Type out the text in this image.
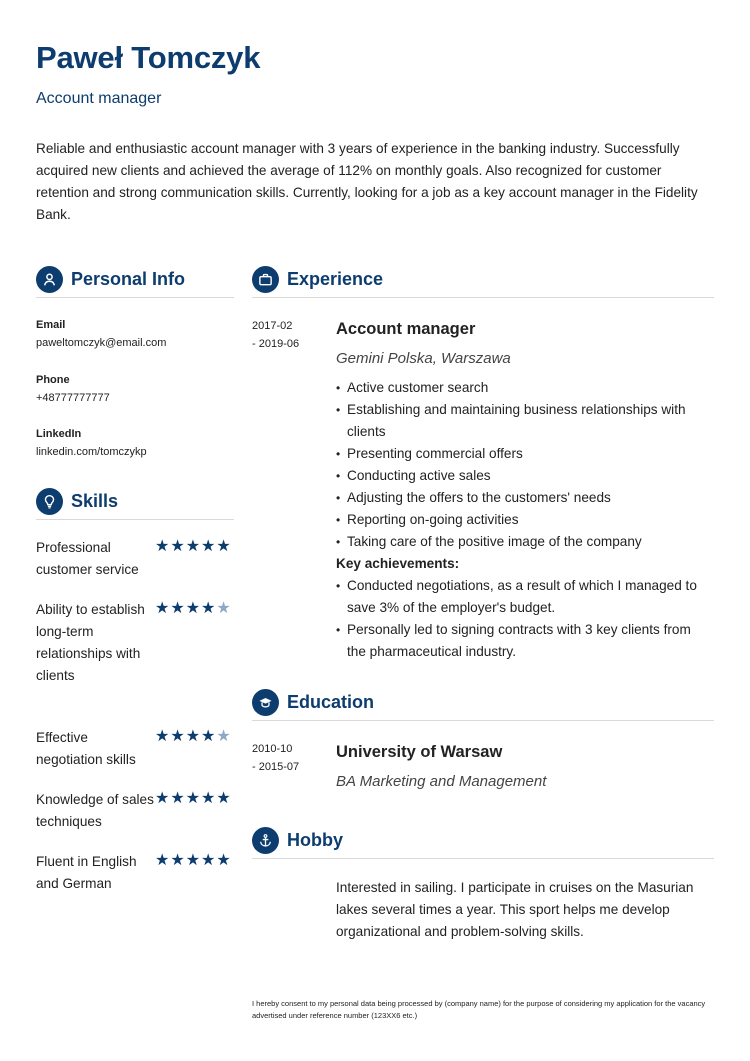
Paweł Tomczyk
Account manager
Reliable and enthusiastic account manager with 3 years of experience in the banking industry. Successfully acquired new clients and achieved the average of 112% on monthly goals. Also recognized for customer retention and strong communication skills. Currently, looking for a job as a key account manager in the Fidelity Bank.
Personal Info
Email
paweltomczyk@email.com
Phone
+48777777777
LinkedIn
linkedin.com/tomczykp
Skills
Professional customer service
★ ★ ★ ★ ★
Ability to establish long-term relationships with clients
★ ★ ★ ★ ★
Effective negotiation skills
★ ★ ★ ★ ★
Knowledge of sales techniques
★ ★ ★ ★ ★
Fluent in English and German
★ ★ ★ ★ ★
Experience
2017-02
- 2019-06
Account manager
Gemini Polska, Warszawa
• Active customer search
• Establishing and maintaining business relationships with clients
• Presenting commercial offers
• Conducting active sales
• Adjusting the offers to the customers' needs
• Reporting on-going activities
• Taking care of the positive image of the company
Key achievements:
• Conducted negotiations, as a result of which I managed to save 3% of the employer's budget.
• Personally led to signing contracts with 3 key clients from the pharmaceutical industry.
Education
2010-10
- 2015-07
University of Warsaw
BA Marketing and Management
Hobby
Interested in sailing. I participate in cruises on the Masurian lakes several times a year. This sport helps me develop organizational and problem-solving skills.
I hereby consent to my personal data being processed by (company name) for the purpose of considering my application for the vacancy advertised under reference number (123XX6 etc.)
